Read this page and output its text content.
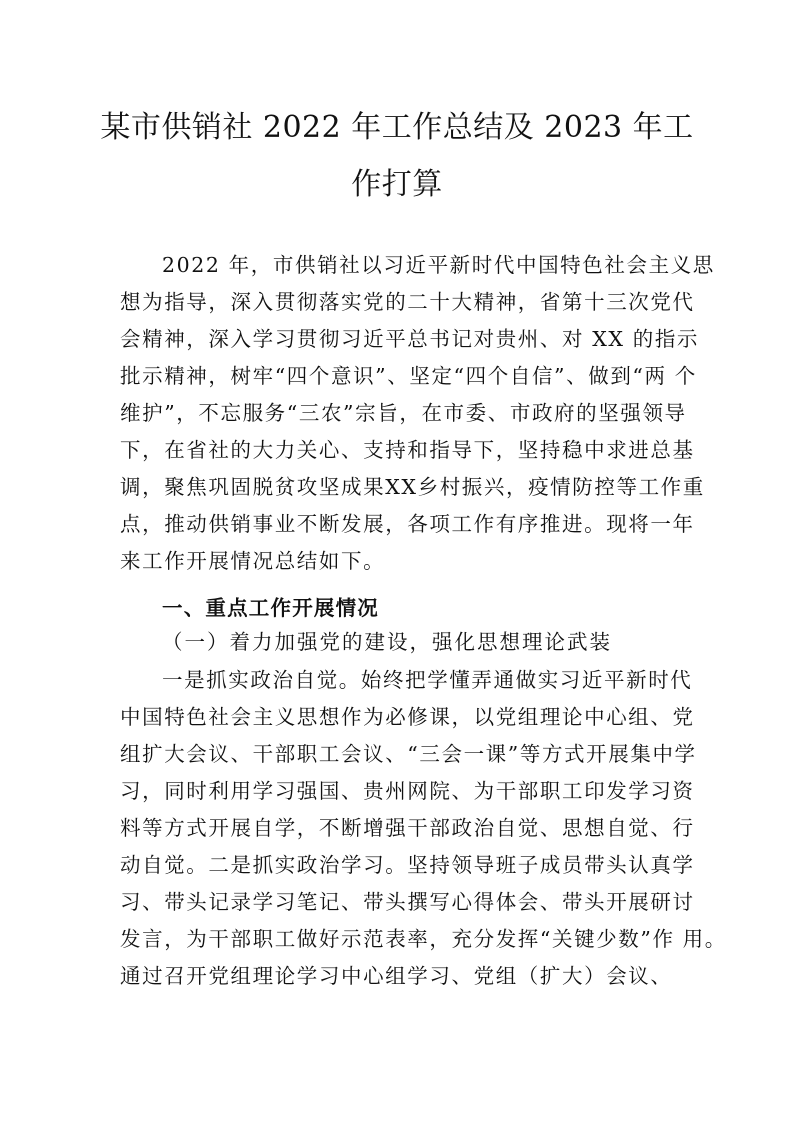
某市供销社 2022 年工作总结及 2023 年工
作打算
2022 年，市供销社以习近平新时代中国特色社会主义思
想为指导，深入贯彻落实党的二十大精神，省第十三次党代
会精神，深入学习贯彻习近平总书记对贵州、对 XX 的指示
批示精神，树牢“四个意识”、坚定“四个自信”、做到“两 个
维护”，不忘服务“三农”宗旨，在市委、市政府的坚强领导
下，在省社的大力关心、支持和指导下，坚持稳中求进总基
调，聚焦巩固脱贫攻坚成果XX乡村振兴，疫情防控等工作重
点，推动供销事业不断发展，各项工作有序推进。现将一年
来工作开展情况总结如下。
一、重点工作开展情况
（一）着力加强党的建设，强化思想理论武装
一是抓实政治自觉。始终把学懂弄通做实习近平新时代
中国特色社会主义思想作为必修课，以党组理论中心组、党
组扩大会议、干部职工会议、“三会一课”等方式开展集中学
习，同时利用学习强国、贵州网院、为干部职工印发学习资
料等方式开展自学，不断增强干部政治自觉、思想自觉、行
动自觉。二是抓实政治学习。坚持领导班子成员带头认真学
习、带头记录学习笔记、带头撰写心得体会、带头开展研讨
发言，为干部职工做好示范表率，充分发挥“关键少数”作 用。
通过召开党组理论学习中心组学习、党组（扩大）会议、
